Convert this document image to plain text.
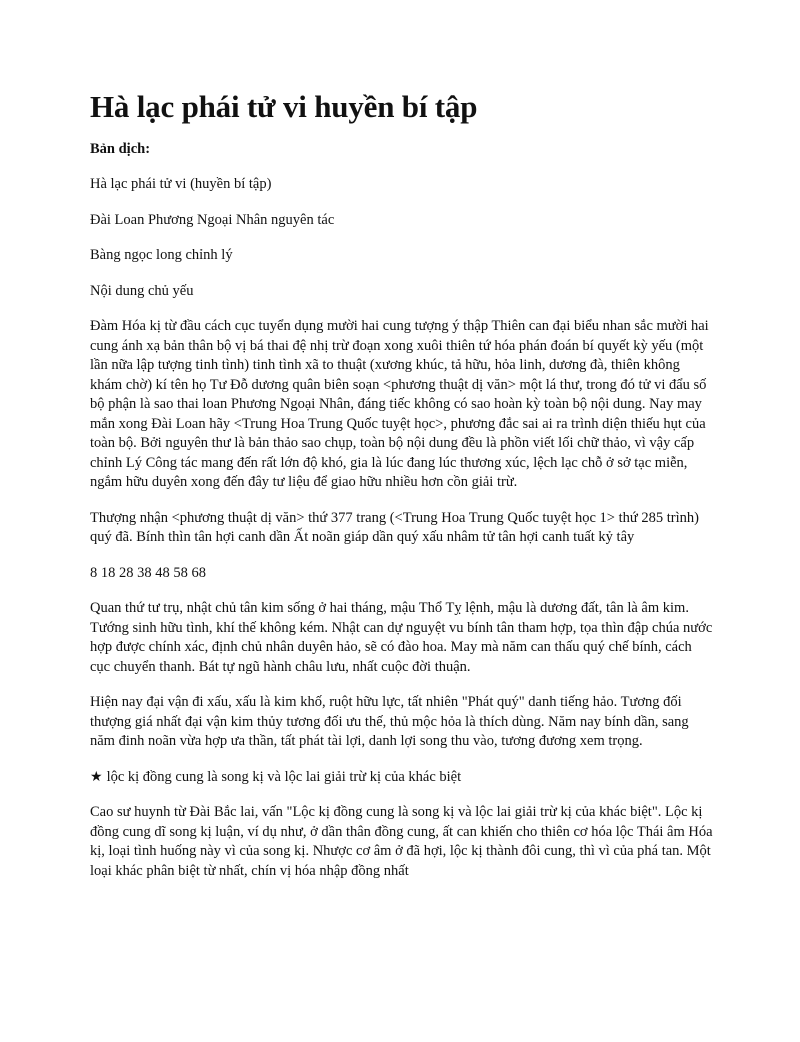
Hà lạc phái tử vi huyền bí tập
Bản dịch:

Hà lạc phái tử vi (huyền bí tập)

Đài Loan Phương Ngoại Nhân nguyên tác

Bàng ngọc long chỉnh lý

Nội dung chủ yếu

Đàm Hóa kị từ đầu cách cục tuyển dụng mười hai cung tượng ý thập Thiên can đại biểu nhan sắc mười hai cung ánh xạ bản thân bộ vị bá thai đệ nhị trừ đoạn xong xuôi thiên tứ hóa phán đoán bí quyết kỳ yếu (một lần nữa lập tượng tinh tình) tinh tình xã to thuật (xương khúc, tả hữu, hỏa linh, dương đà, thiên không khám chờ) kí tên họ Tư Đỗ dương quân biên soạn <phương thuật dị văn> một lá thư, trong đó tử vi đẩu số bộ phận là sao thai loan Phương Ngoại Nhân, đáng tiếc không có sao hoàn kỳ toàn bộ nội dung. Nay may mắn xong Đài Loan hãy <Trung Hoa Trung Quốc tuyệt học>, phương đắc sai ai ra trình diện thiếu hụt của toàn bộ. Bởi nguyên thư là bản thảo sao chụp, toàn bộ nội dung đều là phồn viết lối chữ thảo, vì vậy cấp chỉnh Lý Công tác mang đến rất lớn độ khó, gia là lúc đang lúc thương xúc, lệch lạc chỗ ở sở tạc miễn, ngắm hữu duyên xong đến đây tư liệu để giao hữu nhiều hơn cồn giải trừ.

Thượng nhận <phương thuật dị văn> thứ 377 trang (<Trung Hoa Trung Quốc tuyệt học 1> thứ 285 trình) quý đã. Bính thìn tân hợi canh dần Ất noãn giáp dần quý xấu nhâm tử tân hợi canh tuất kỷ tây

8 18 28 38 48 58 68

Quan thứ tư trụ, nhật chủ tân kim sống ở hai tháng, mậu Thổ Tỵ lệnh, mậu là dương đất, tân là âm kim. Tướng sinh hữu tình, khí thế không kém. Nhật can dự nguyệt vu bính tân tham hợp, tọa thìn đập chúa nước hợp được chính xác, định chủ nhân duyên hảo, sẽ có đào hoa. May mà năm can thấu quý chế bính, cách cục chuyển thanh. Bát tự ngũ hành châu lưu, nhất cuộc đời thuận.

Hiện nay đại vận đi xấu, xấu là kim khố, ruột hữu lực, tất nhiên "Phát quý" danh tiếng hảo. Tương đối thượng giá nhất đại vận kim thủy tương đối ưu thế, thủ mộc hỏa là thích dùng. Năm nay bính dần, sang năm đinh noãn vừa hợp ưa thần, tất phát tài lợi, danh lợi song thu vào, tương đương xem trọng.

★ lộc kị đồng cung là song kị và lộc lai giải trừ kị của khác biệt

Cao sư huynh từ Đài Bắc lai, vấn "Lộc kị đồng cung là song kị và lộc lai giải trừ kị của khác biệt". Lộc kị đồng cung dĩ song kị luận, ví dụ như, ở dần thân đồng cung, ất can khiến cho thiên cơ hóa lộc Thái âm Hóa kị, loại tình huống này vì của song kị. Nhược cơ âm ở đã hợi, lộc kị thành đôi cung, thì vì của phá tan. Một loại khác phân biệt từ nhất, chín vị hóa nhập đồng nhất
